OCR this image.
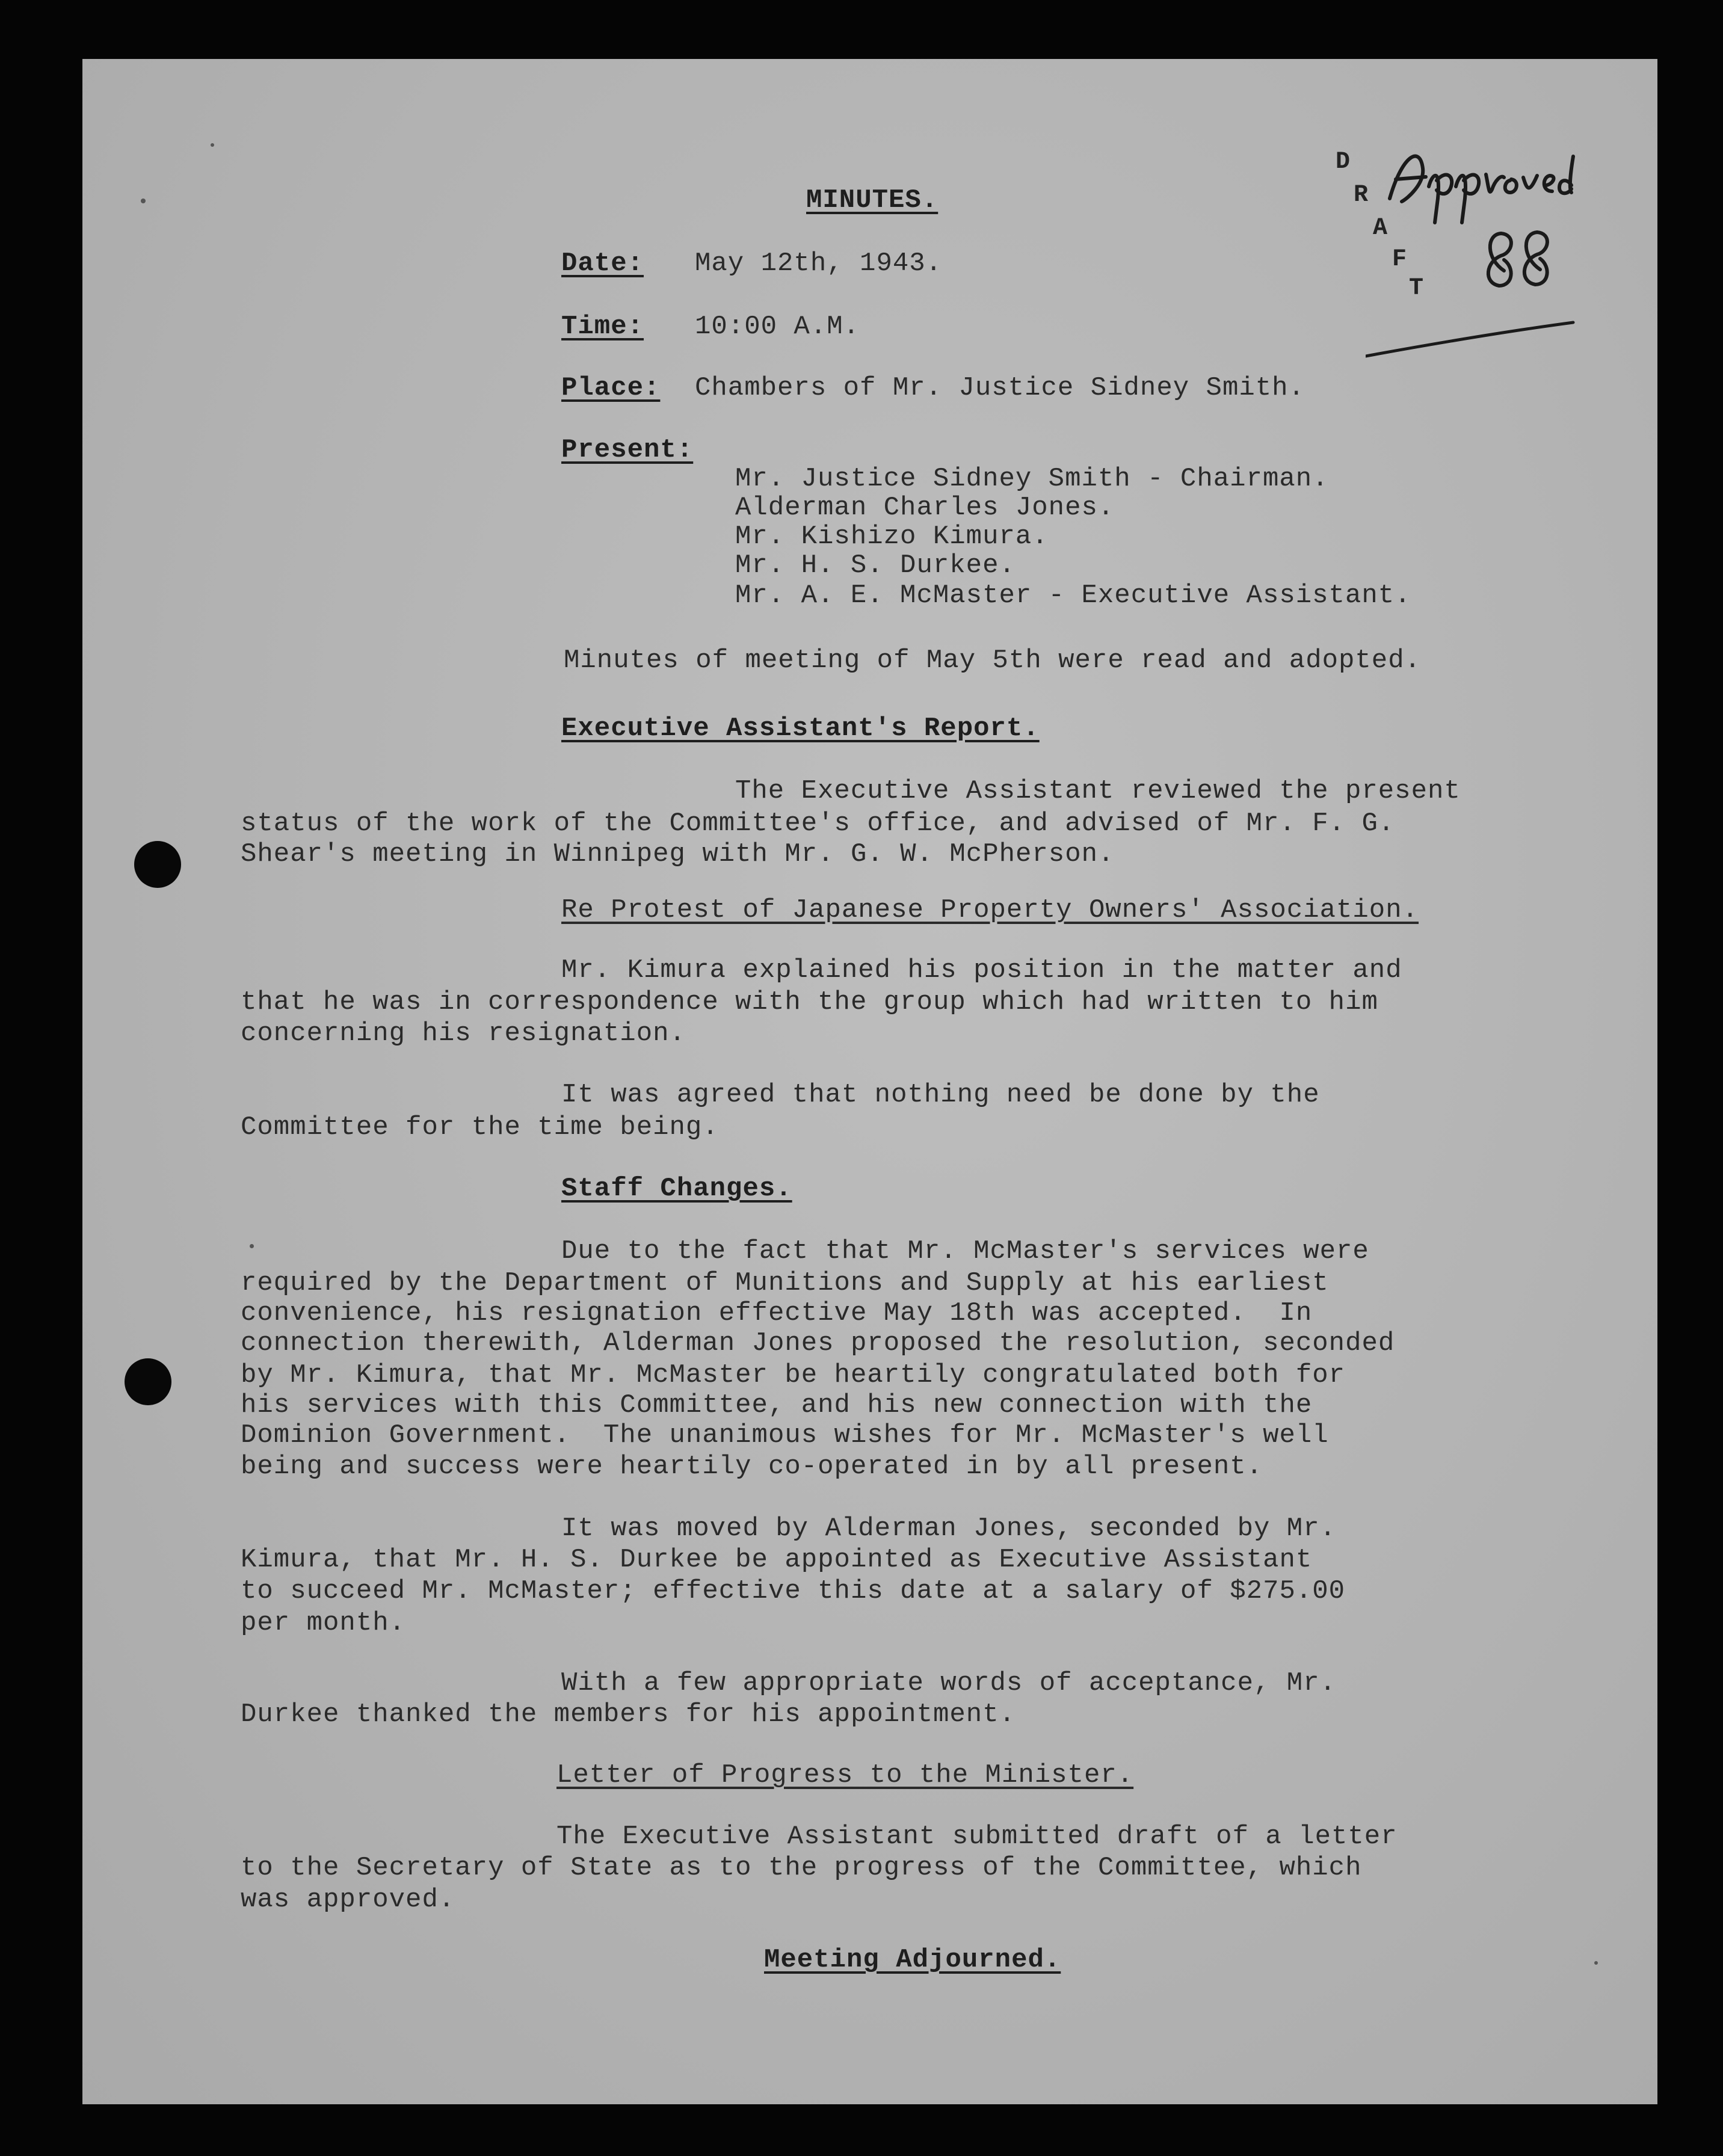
D
R
A
F
T
MINUTES.
Date: May 12th, 1943.
Time: 10:00 A.M.
Place: Chambers of Mr. Justice Sidney Smith.
Present:
Mr. Justice Sidney Smith - Chairman.
Alderman Charles Jones.
Mr. Kishizo Kimura.
Mr. H. S. Durkee.
Mr. A. E. McMaster - Executive Assistant.
Minutes of meeting of May 5th were read and adopted.
Executive Assistant's Report.
The Executive Assistant reviewed the present
status of the work of the Committee's office, and advised of Mr. F. G.
Shear's meeting in Winnipeg with Mr. G. W. McPherson.
Re Protest of Japanese Property Owners' Association.
Mr. Kimura explained his position in the matter and
that he was in correspondence with the group which had written to him
concerning his resignation.
It was agreed that nothing need be done by the
Committee for the time being.
Staff Changes.
Due to the fact that Mr. McMaster's services were
required by the Department of Munitions and Supply at his earliest
convenience, his resignation effective May 18th was accepted.  In
connection therewith, Alderman Jones proposed the resolution, seconded
by Mr. Kimura, that Mr. McMaster be heartily congratulated both for
his services with this Committee, and his new connection with the
Dominion Government.  The unanimous wishes for Mr. McMaster's well
being and success were heartily co-operated in by all present.
It was moved by Alderman Jones, seconded by Mr.
Kimura, that Mr. H. S. Durkee be appointed as Executive Assistant
to succeed Mr. McMaster; effective this date at a salary of $275.00
per month.
With a few appropriate words of acceptance, Mr.
Durkee thanked the members for his appointment.
Letter of Progress to the Minister.
The Executive Assistant submitted draft of a letter
to the Secretary of State as to the progress of the Committee, which
was approved.
Meeting Adjourned.
